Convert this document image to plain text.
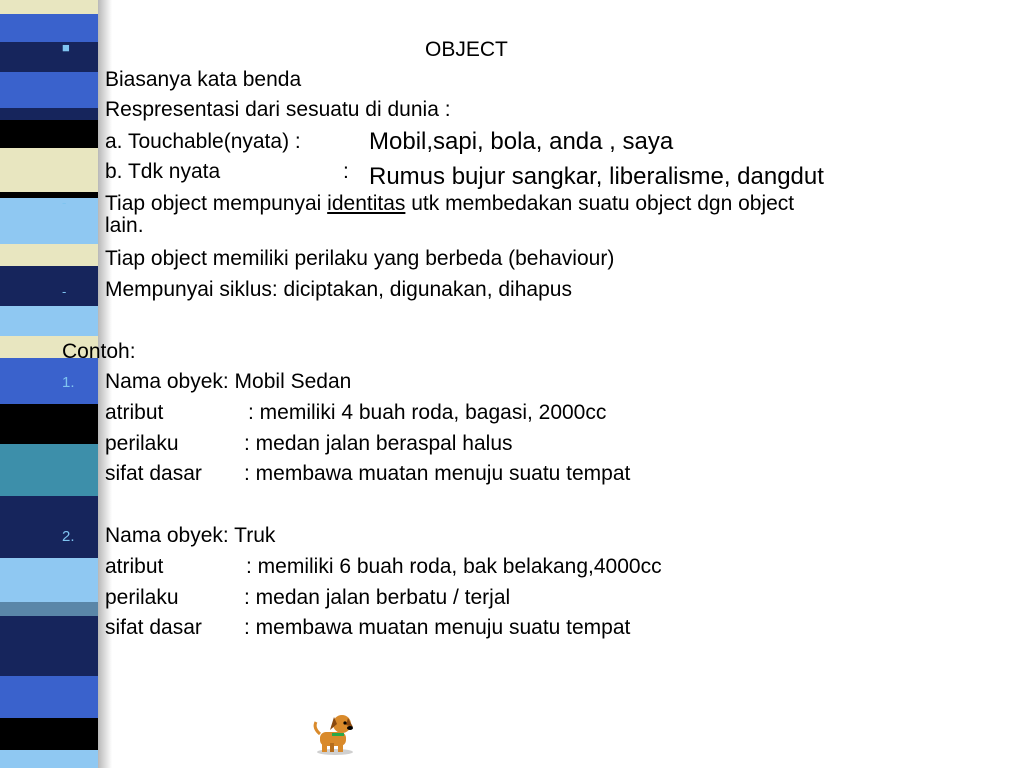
■
-
-
OBJECT
Biasanya kata benda
Respresentasi dari sesuatu di dunia :
a. Touchable(nyata) :	Mobil,sapi, bola, anda , saya
b. Tdk nyata	: Rumus bujur sangkar, liberalisme, dangdut
Tiap object mempunyai identitas utk membedakan suatu object dgn object
lain.
Tiap object memiliki perilaku yang berbeda (behaviour)
Mempunyai siklus: diciptakan, digunakan, dihapus
Contoh:
1. Nama obyek: Mobil Sedan
atribut	: memiliki 4 buah roda, bagasi, 2000cc
perilaku	: medan jalan beraspal halus
sifat dasar : membawa muatan menuju suatu tempat
2. Nama obyek: Truk
atribut	: memiliki 6 buah roda, bak belakang,4000cc
perilaku	: medan jalan berbatu / terjal
sifat dasar : membawa muatan menuju suatu tempat
